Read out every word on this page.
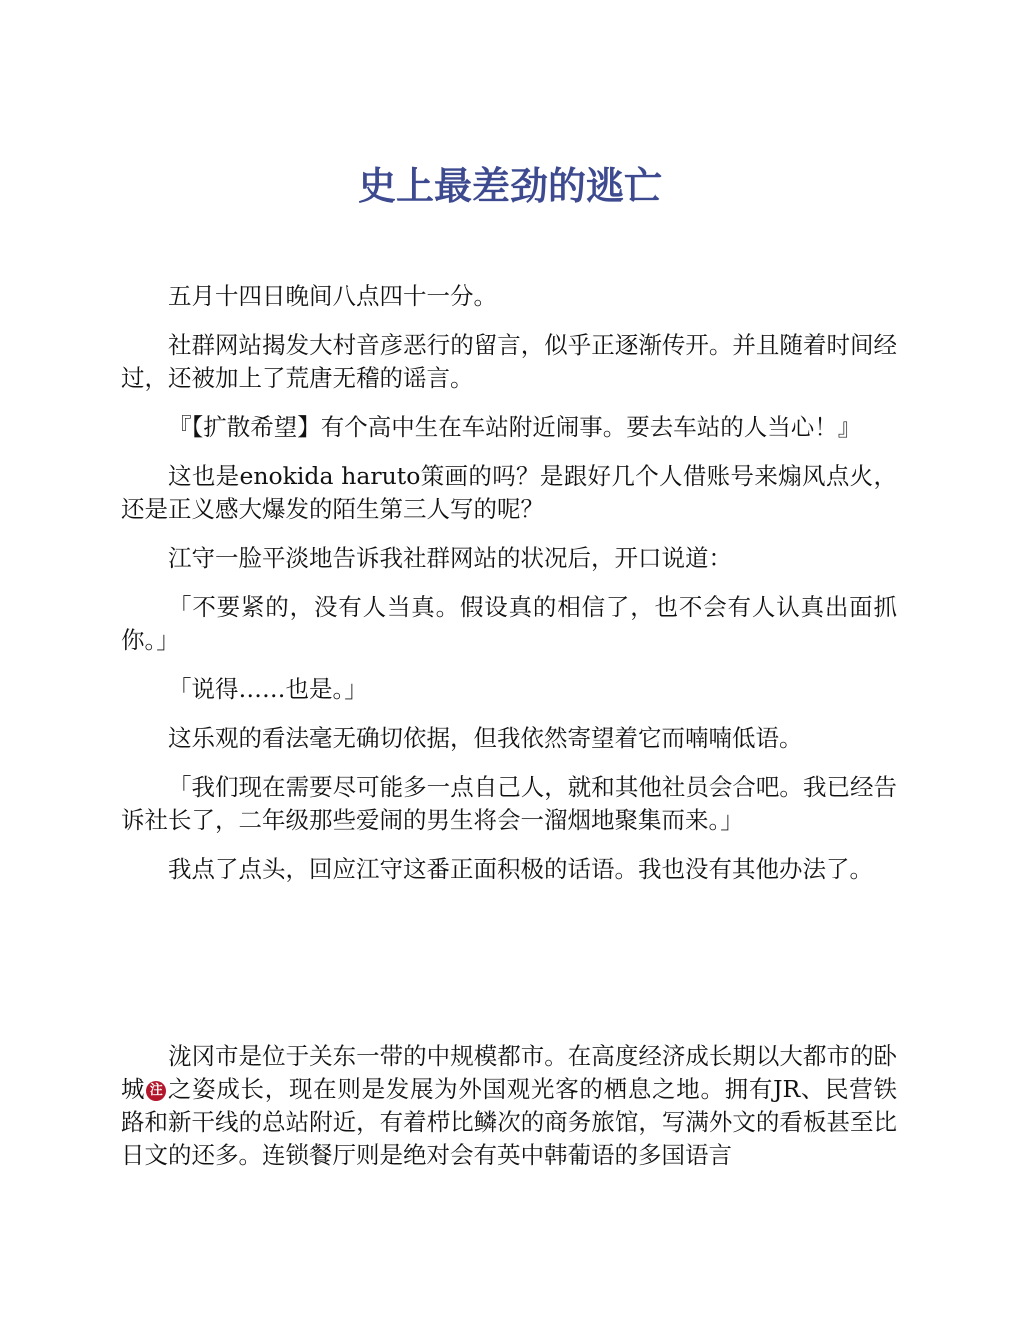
史上最差劲的逃亡

五月十四日晚间八点四十一分。

社群网站揭发大村音彦恶行的留言，似乎正逐渐传开。并且随着时间经过，还被加上了荒唐无稽的谣言。

『【扩散希望】有个高中生在车站附近闹事。要去车站的人当心！』

这也是enokida haruto策画的吗？是跟好几个人借账号来煽风点火，还是正义感大爆发的陌生第三人写的呢？

江守一脸平淡地告诉我社群网站的状况后，开口说道：

「不要紧的，没有人当真。假设真的相信了，也不会有人认真出面抓你。」

「说得……也是。」

这乐观的看法毫无确切依据，但我依然寄望着它而喃喃低语。

「我们现在需要尽可能多一点自己人，就和其他社员会合吧。我已经告诉社长了，二年级那些爱闹的男生将会一溜烟地聚集而来。」

我点了点头，回应江守这番正面积极的话语。我也没有其他办法了。

泷冈市是位于关东一带的中规模都市。在高度经济成长期以大都市的卧城 注 之姿成长，现在则是发展为外国观光客的栖息之地。拥有JR、民营铁路和新干线的总站附近，有着栉比鳞次的商务旅馆，写满外文的看板甚至比日文的还多。连锁餐厅则是绝对会有英中韩葡语的多国语言
